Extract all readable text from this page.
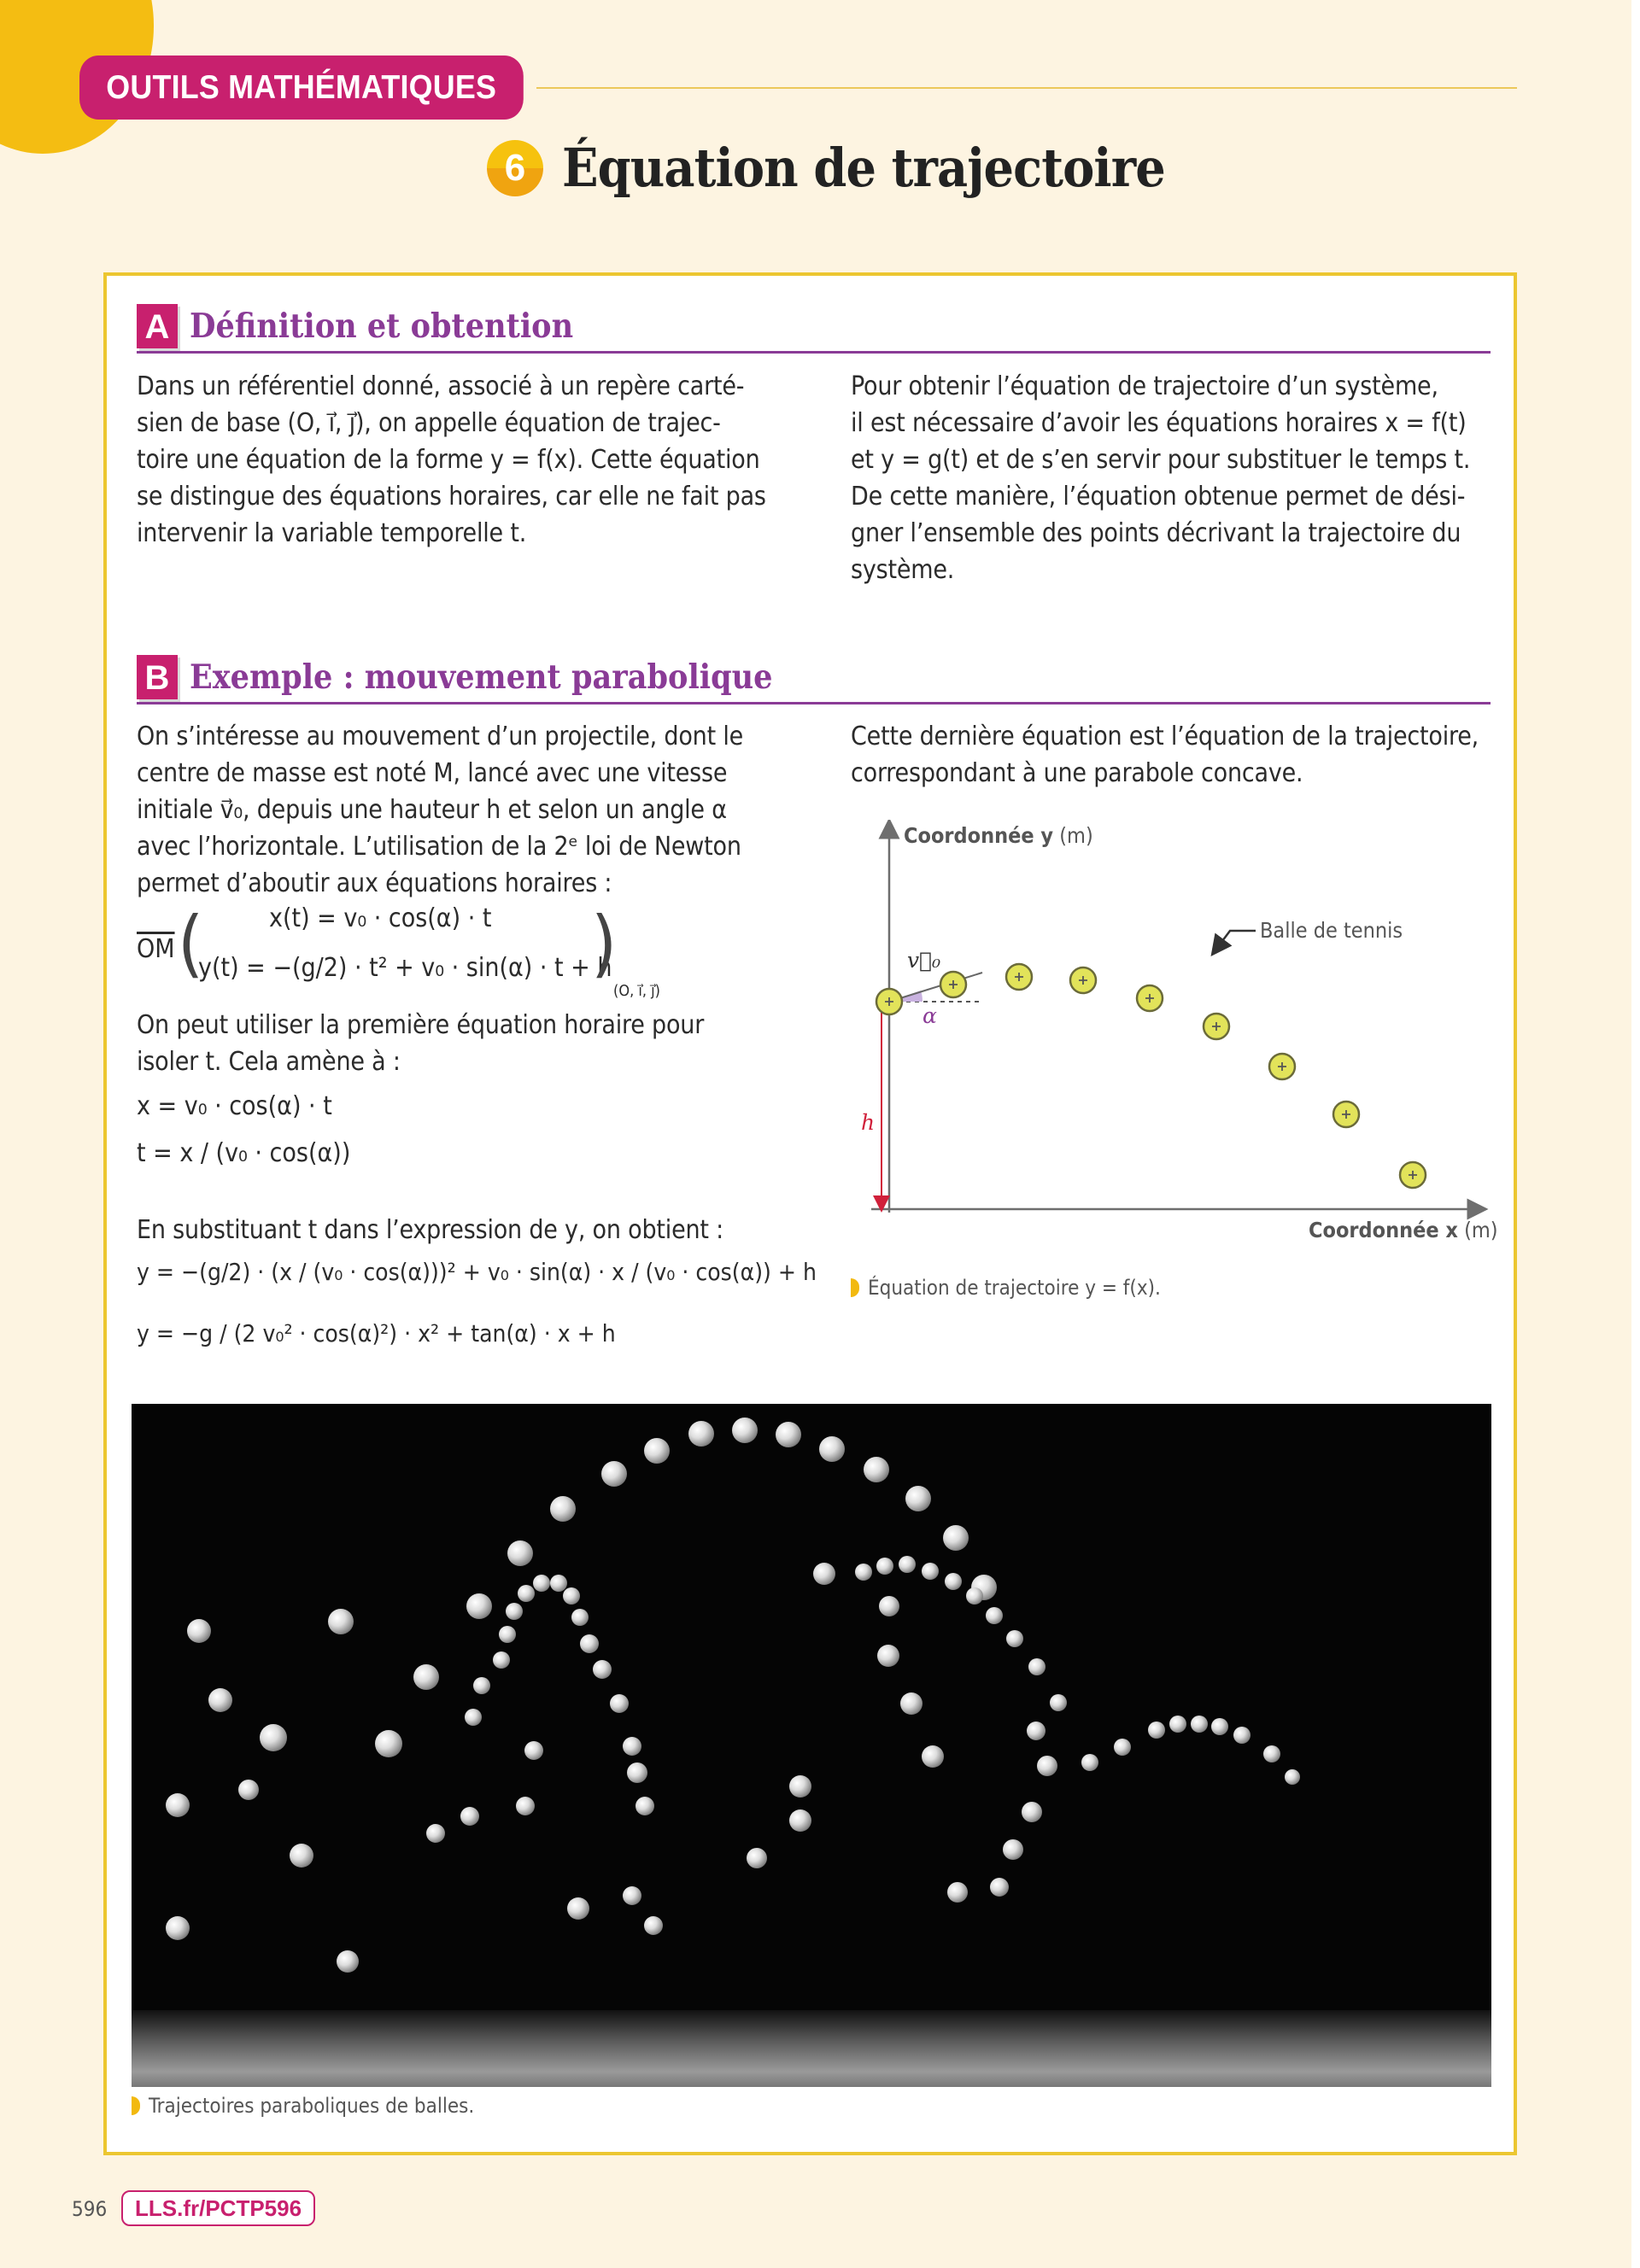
OUTILS MATHÉMATIQUES
6 Équation de trajectoire
A Définition et obtention
Dans un référentiel donné, associé à un repère carté-
sien de base (O, i⃗, j⃗), on appelle équation de trajec-
toire une équation de la forme y = f(x). Cette équation
se distingue des équations horaires, car elle ne fait pas
intervenir la variable temporelle t.
Pour obtenir l’équation de trajectoire d’un système,
il est nécessaire d’avoir les équations horaires x = f(t)
et y = g(t) et de s’en servir pour substituer le temps t.
De cette manière, l’équation obtenue permet de dési-
gner l’ensemble des points décrivant la trajectoire du
système.
B Exemple : mouvement parabolique
On s’intéresse au mouvement d’un projectile, dont le
centre de masse est noté M, lancé avec une vitesse
initiale v⃗₀, depuis une hauteur h et selon un angle α
avec l’horizontale. L’utilisation de la 2ᵉ loi de Newton
permet d’aboutir aux équations horaires :
$\overline{OM}$ (	x(t) = v₀ · cos(α) · t
y(t) = −(g/2) · t² + v₀ · sin(α) · t + h
)
(O, i⃗, j⃗)
On peut utiliser la première équation horaire pour
isoler t. Cela amène à :
x = v₀ · cos(α) · t
t = x / (v₀ · cos(α))
En substituant t dans l’expression de y, on obtient :
y = −(g/2) · (x / (v₀ · cos(α)))² + v₀ · sin(α) · x / (v₀ · cos(α)) + h
y = −g / (2 v₀² · cos(α)²) · x² + tan(α) · x + h
Cette dernière équation est l’équation de la trajectoire,
correspondant à une parabole concave.
Coordonnée y (m)
Balle de tennis
v⃗₀
α
h
Coordonnée x (m)
Équation de trajectoire y = f(x).
Trajectoires paraboliques de balles.
596	LLS.fr/PCTP596
